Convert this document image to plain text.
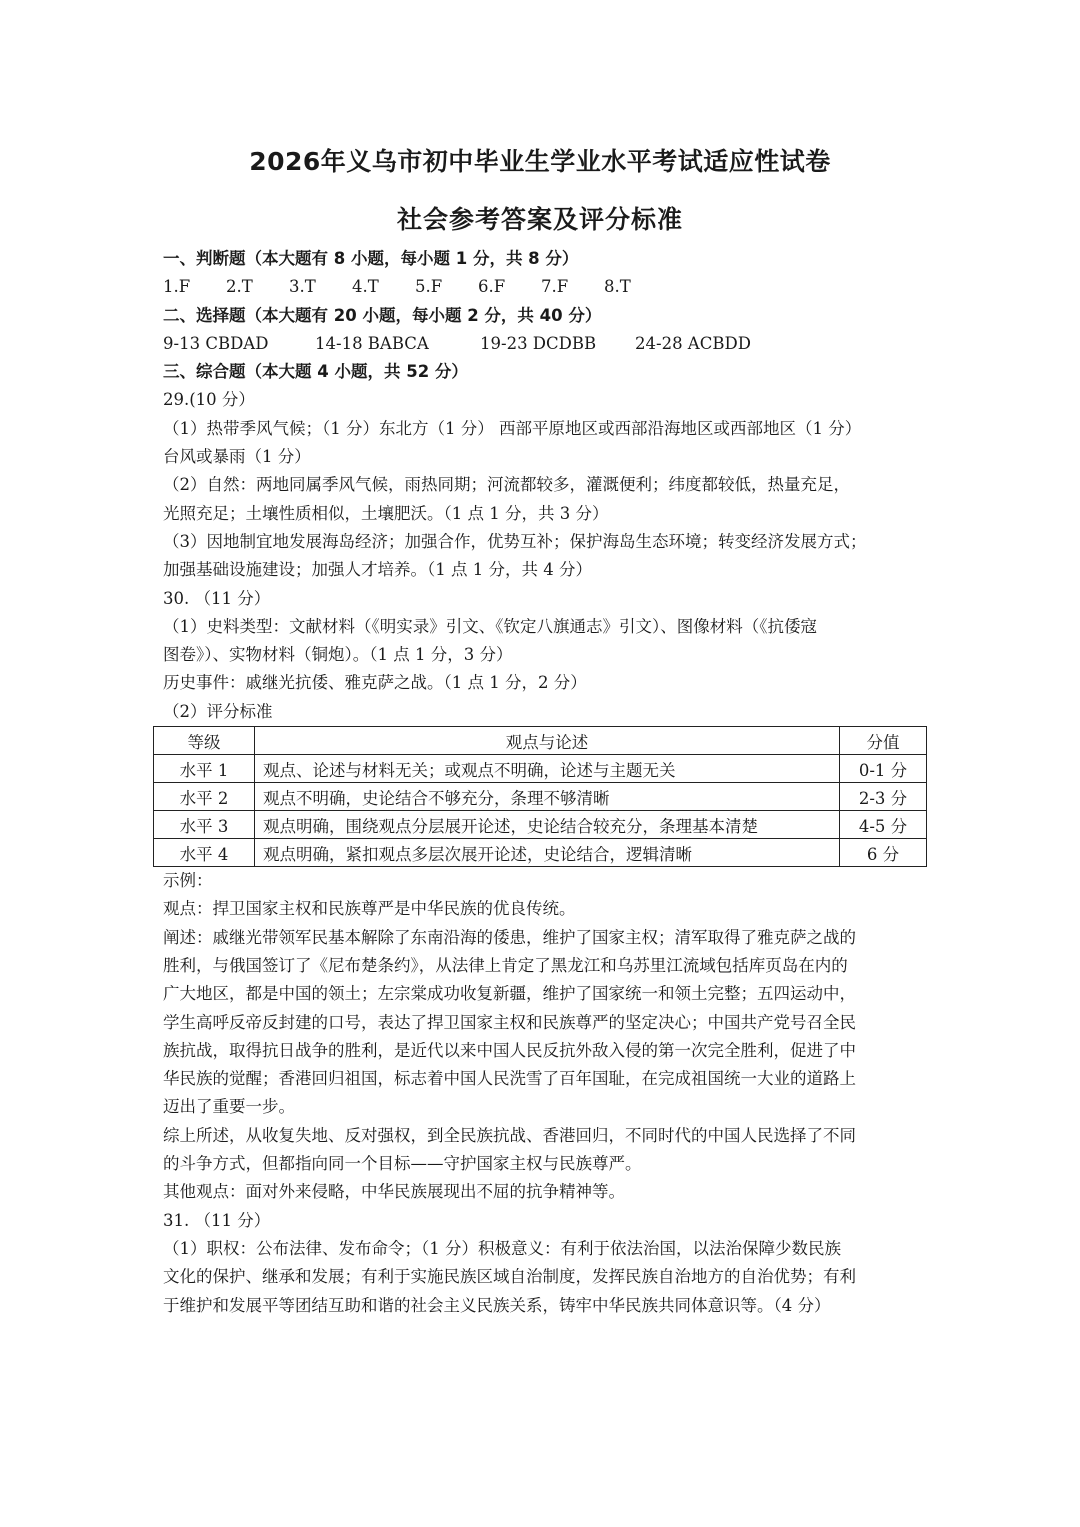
2026年义乌市初中毕业生学业水平考试适应性试卷
社会参考答案及评分标准
一、判断题（本大题有 8 小题，每小题 1 分，共 8 分）
1.F 2.T 3.T 4.T 5.F 6.F 7.F 8.T
二、选择题（本大题有 20 小题，每小题 2 分，共 40 分）
9-13 CBDAD	14-18 BABCA	19-23 DCDBB 24-28 ACBDD
三、综合题（本大题 4 小题，共 52 分）
29.(10 分）
（1）热带季风气候；（1 分）东北方（1 分） 西部平原地区或西部沿海地区或西部地区（1 分）
台风或暴雨（1 分）
（2）自然：两地同属季风气候，雨热同期；河流都较多，灌溉便利；纬度都较低，热量充足，
光照充足；土壤性质相似，土壤肥沃。（1 点 1 分，共 3 分）
（3）因地制宜地发展海岛经济；加强合作，优势互补；保护海岛生态环境；转变经济发展方式；
加强基础设施建设；加强人才培养。（1 点 1 分，共 4 分）
30. （11 分）
（1）史料类型：文献材料（《明实录》引文、《钦定八旗通志》引文）、图像材料（《抗倭寇
图卷》）、实物材料（铜炮）。（1 点 1 分，3 分）
历史事件：戚继光抗倭、雅克萨之战。（1 点 1 分，2 分）
（2）评分标准
等级	观点与论述	分值
水平 1	观点、论述与材料无关；或观点不明确，论述与主题无关	0-1 分
水平 2	观点不明确，史论结合不够充分，条理不够清晰	2-3 分
水平 3	观点明确，围绕观点分层展开论述，史论结合较充分，条理基本清楚	4-5 分
水平 4	观点明确，紧扣观点多层次展开论述，史论结合，逻辑清晰	6 分
示例：
观点：捍卫国家主权和民族尊严是中华民族的优良传统。
阐述：戚继光带领军民基本解除了东南沿海的倭患，维护了国家主权；清军取得了雅克萨之战的
胜利，与俄国签订了《尼布楚条约》，从法律上肯定了黑龙江和乌苏里江流域包括库页岛在内的
广大地区，都是中国的领土；左宗棠成功收复新疆，维护了国家统一和领土完整；五四运动中，
学生高呼反帝反封建的口号，表达了捍卫国家主权和民族尊严的坚定决心；中国共产党号召全民
族抗战，取得抗日战争的胜利，是近代以来中国人民反抗外敌入侵的第一次完全胜利，促进了中
华民族的觉醒；香港回归祖国，标志着中国人民洗雪了百年国耻，在完成祖国统一大业的道路上
迈出了重要一步。
综上所述，从收复失地、反对强权，到全民族抗战、香港回归，不同时代的中国人民选择了不同
的斗争方式，但都指向同一个目标——守护国家主权与民族尊严。
其他观点：面对外来侵略，中华民族展现出不屈的抗争精神等。
31. （11 分）
（1）职权：公布法律、发布命令；（1 分）积极意义：有利于依法治国，以法治保障少数民族
文化的保护、继承和发展；有利于实施民族区域自治制度，发挥民族自治地方的自治优势；有利
于维护和发展平等团结互助和谐的社会主义民族关系，铸牢中华民族共同体意识等。（4 分）
